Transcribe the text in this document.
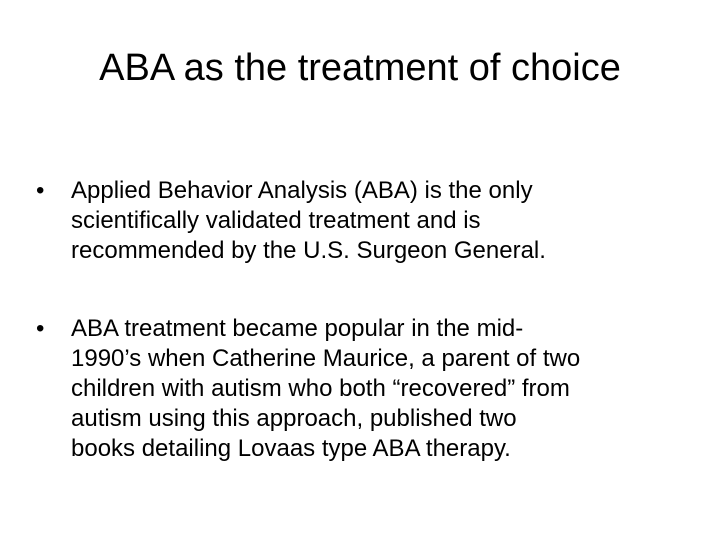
ABA as the treatment of choice
•	Applied Behavior Analysis (ABA) is the only
scientifically validated treatment and is
recommended by the U.S. Surgeon General.
•	ABA treatment became popular in the mid-
1990’s when Catherine Maurice, a parent of two
children with autism who both “recovered” from
autism using this approach, published two
books detailing Lovaas type ABA therapy.
